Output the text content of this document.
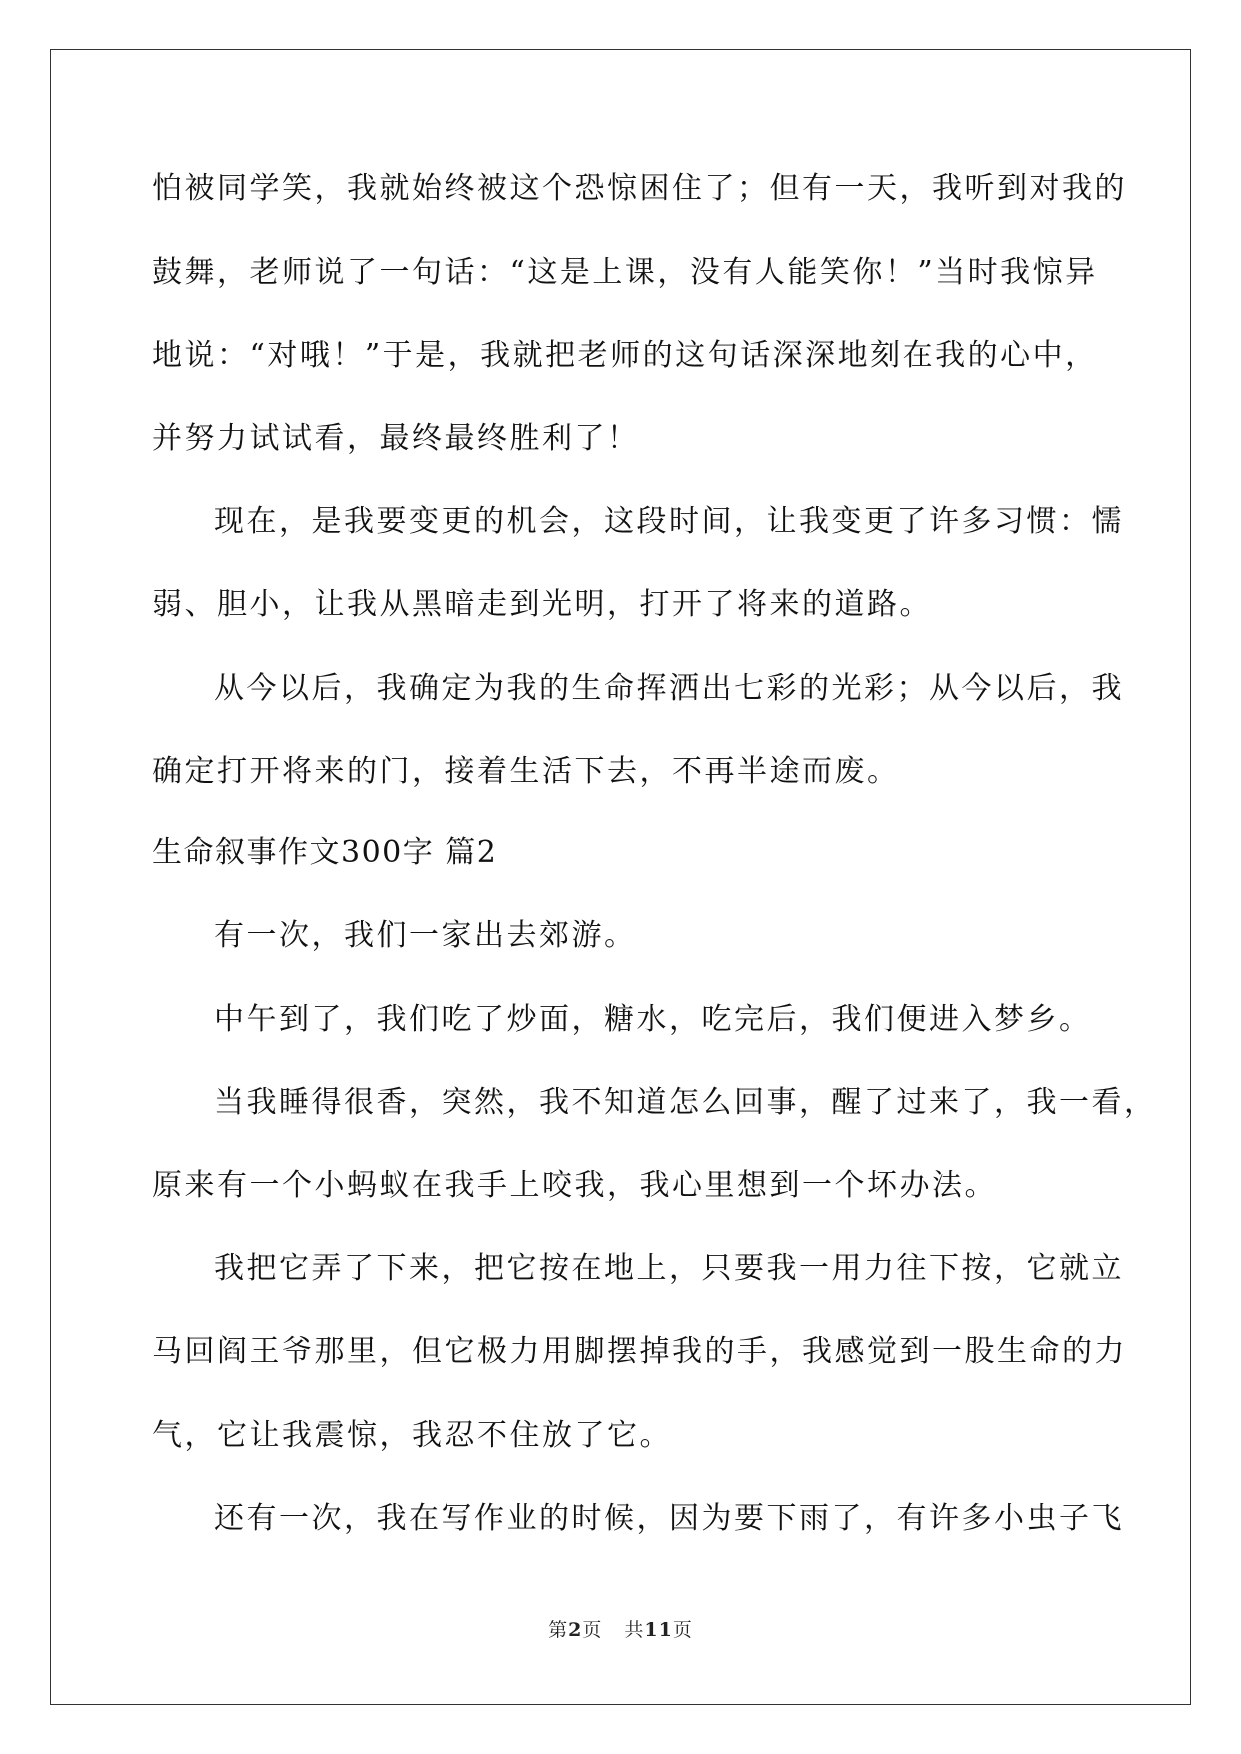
怕被同学笑，我就始终被这个恐惊困住了；但有一天，我听到对我的
鼓舞，老师说了一句话：“这是上课，没有人能笑你！”当时我惊异
地说：“对哦！”于是，我就把老师的这句话深深地刻在我的心中，
并努力试试看，最终最终胜利了！
现在，是我要变更的机会，这段时间，让我变更了许多习惯：懦
弱、胆小，让我从黑暗走到光明，打开了将来的道路。
从今以后，我确定为我的生命挥洒出七彩的光彩；从今以后，我
确定打开将来的门，接着生活下去，不再半途而废。
生命叙事作文300字 篇2
有一次，我们一家出去郊游。
中午到了，我们吃了炒面，糖水，吃完后，我们便进入梦乡。
当我睡得很香，突然，我不知道怎么回事，醒了过来了，我一看，
原来有一个小蚂蚁在我手上咬我，我心里想到一个坏办法。
我把它弄了下来，把它按在地上，只要我一用力往下按，它就立
马回阎王爷那里，但它极力用脚摆掉我的手，我感觉到一股生命的力
气，它让我震惊，我忍不住放了它。
还有一次，我在写作业的时候，因为要下雨了，有许多小虫子飞
第2页 共11页
